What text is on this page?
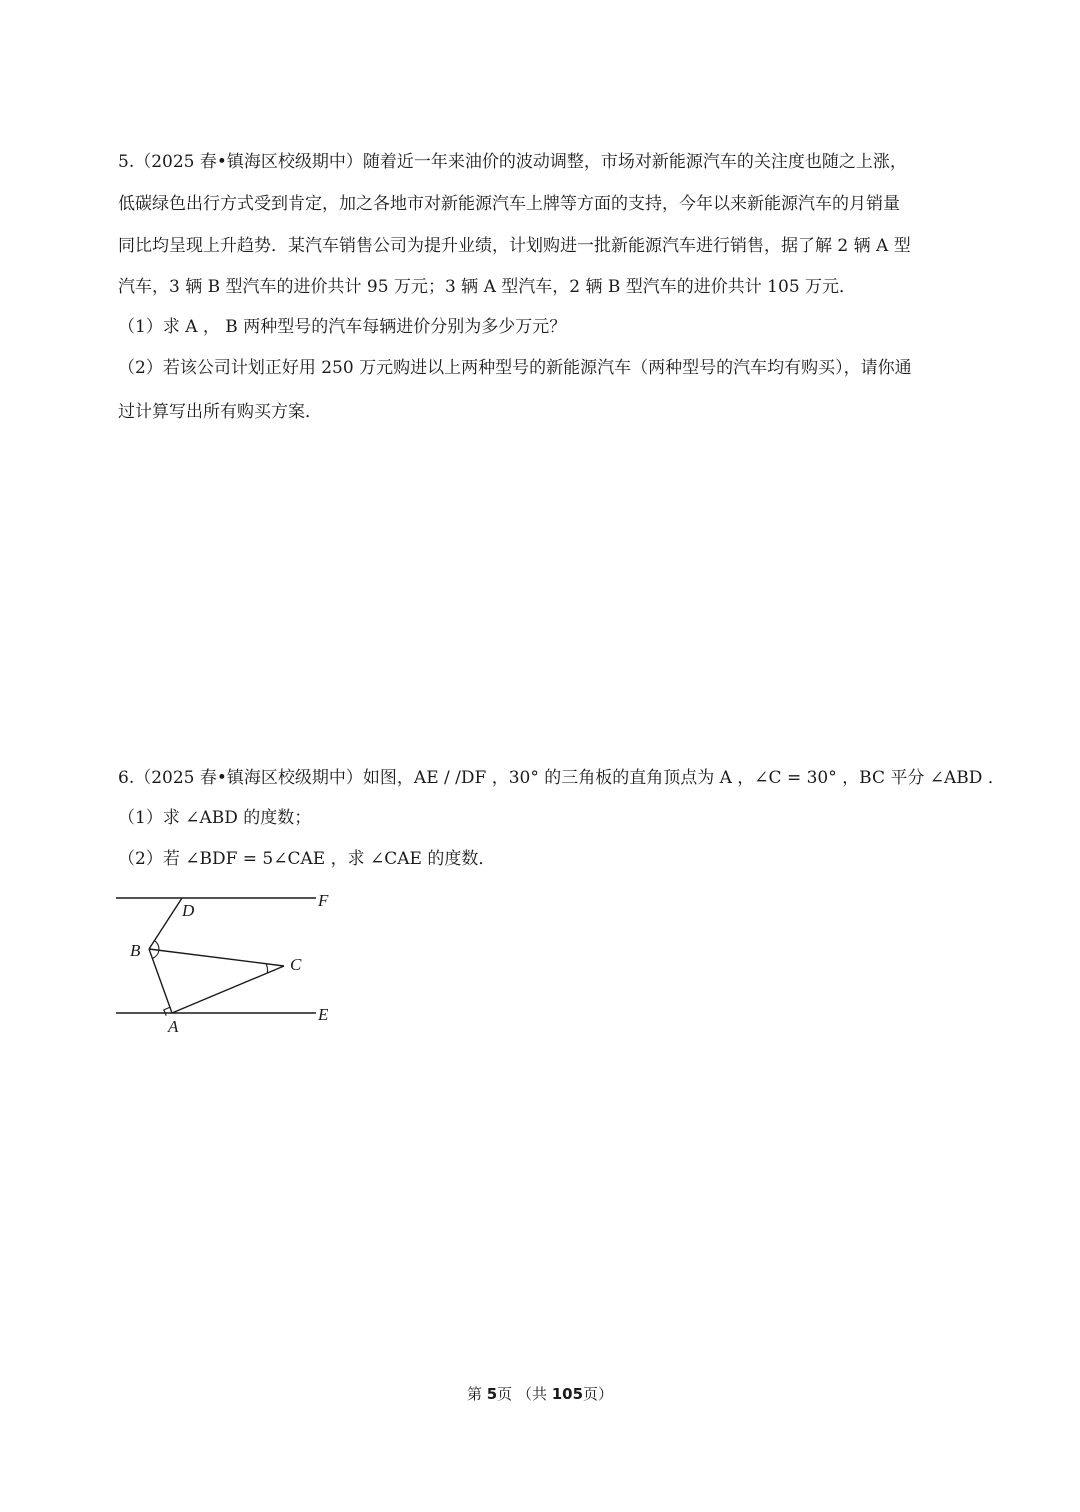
5.（2025 春•镇海区校级期中）随着近一年来油价的波动调整，市场对新能源汽车的关注度也随之上涨，
低碳绿色出行方式受到肯定，加之各地市对新能源汽车上牌等方面的支持，今年以来新能源汽车的月销量
同比均呈现上升趋势．某汽车销售公司为提升业绩，计划购进一批新能源汽车进行销售，据了解 2 辆 A 型
汽车，3 辆 B 型汽车的进价共计 95 万元；3 辆 A 型汽车，2 辆 B 型汽车的进价共计 105 万元．
（1）求 A ， B 两种型号的汽车每辆进价分别为多少万元？
（2）若该公司计划正好用 250 万元购进以上两种型号的新能源汽车（两种型号的汽车均有购买），请你通
过计算写出所有购买方案．
6.（2025 春•镇海区校级期中）如图，AE / /DF ，30° 的三角板的直角顶点为 A ，∠C = 30° ，BC 平分 ∠ABD ．
（1）求 ∠ABD 的度数；
（2）若 ∠BDF = 5∠CAE ，求 ∠CAE 的度数．
D
F
B
C
A
E
第 5页 （共 105页）
